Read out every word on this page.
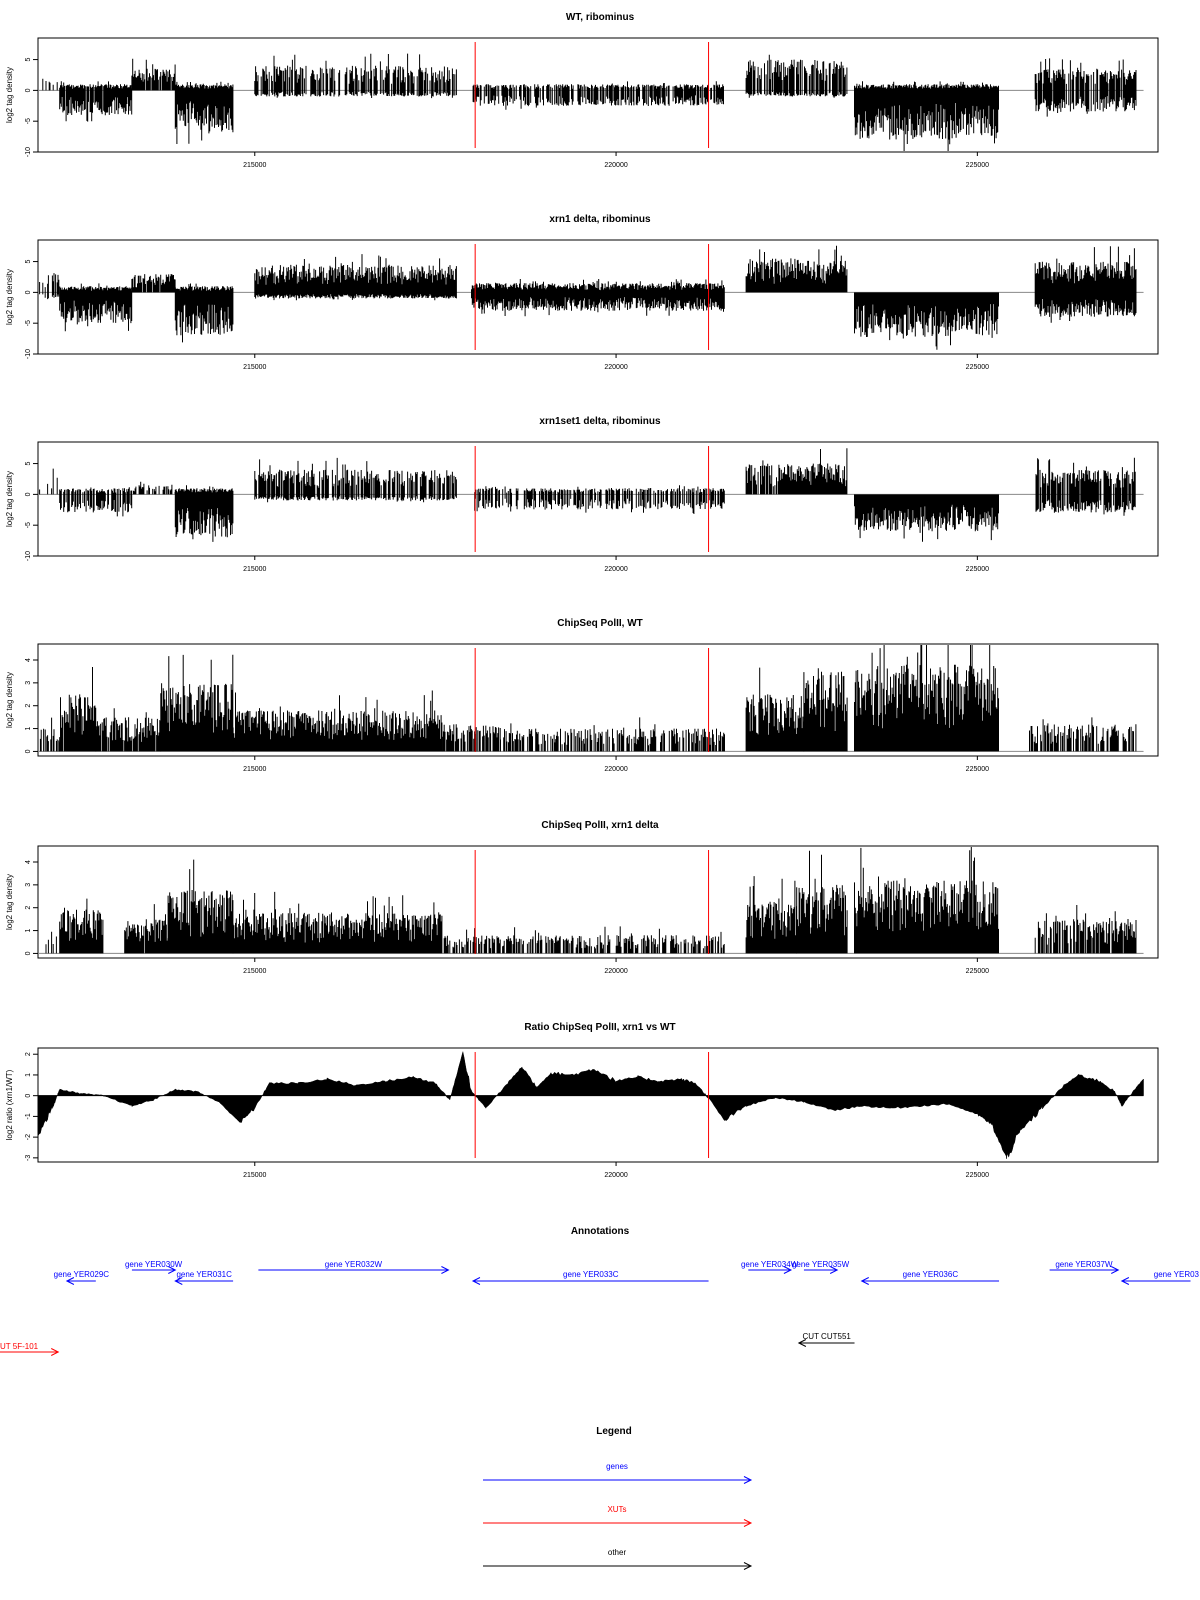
WT, ribominus
log2 tag density
-10
-5
0
5
215000	220000	225000
xrn1 delta, ribominus
log2 tag density
-10
-5
0
5
215000	220000	225000
xrn1set1 delta, ribominus
log2 tag density
-10
-5
0
5
215000	220000	225000
ChipSeq PolII, WT
log2 tag density
0
1
2
3
4
215000	220000	225000
ChipSeq PolII, xrn1 delta
log2 tag density
0
1
2
3
4
215000	220000	225000
Ratio ChipSeq PolII, xrn1 vs WT
log2 ratio (xrn1/WT)
-3
-2
-1
0
1
2
215000	220000	225000
Annotations
gene YER029C
gene YER030W
gene YER031C
gene YER032W
gene YER033C
gene YER034W
gene YER035W
gene YER036C
gene YER037W
gene YER03
UT 5F-101
CUT CUT551
Legend
genes
XUTs
other
